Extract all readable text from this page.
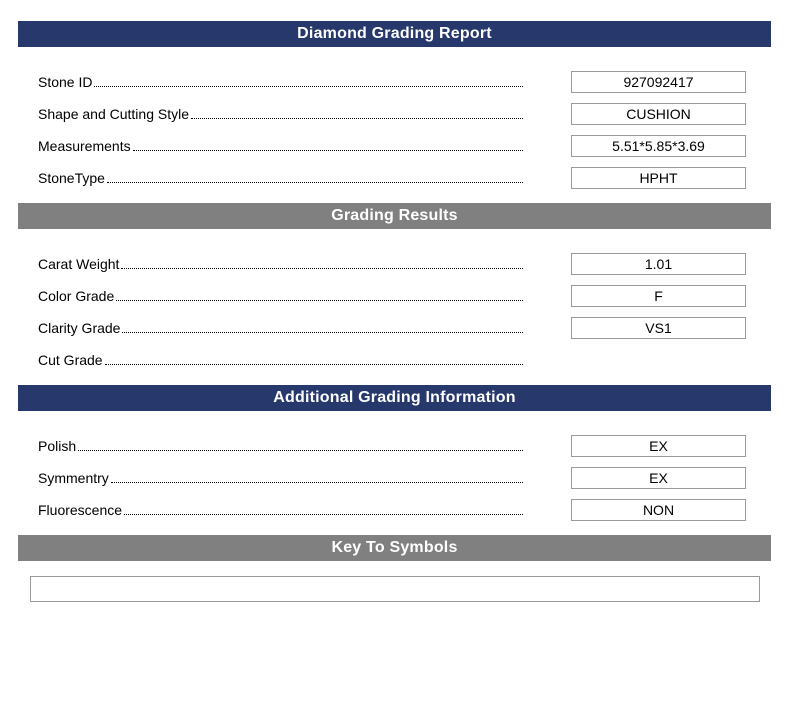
Diamond Grading Report
Stone ID	927092417
Shape and Cutting Style	CUSHION
Measurements	5.51*5.85*3.69
StoneType	HPHT
Grading Results
Carat Weight	1.01
Color Grade	F
Clarity Grade	VS1
Cut Grade
Additional Grading Information
Polish	EX
Symmentry	EX
Fluorescence	NON
Key To Symbols
